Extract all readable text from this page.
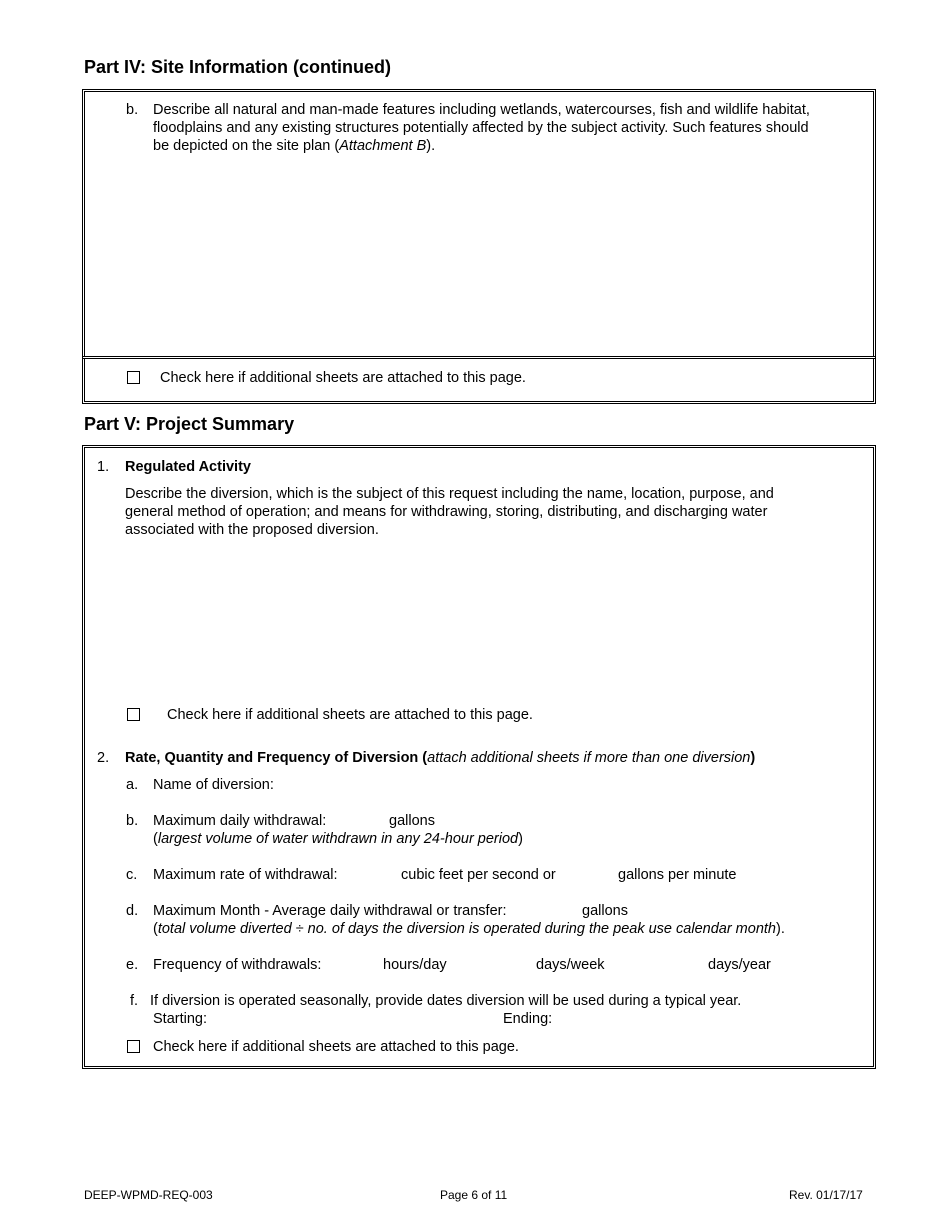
Part IV: Site Information (continued)
b. Describe all natural and man-made features including wetlands, watercourses, fish and wildlife habitat,
floodplains and any existing structures potentially affected by the subject activity. Such features should
be depicted on the site plan (Attachment B).
Check here if additional sheets are attached to this page.
Part V: Project Summary
1. Regulated Activity
Describe the diversion, which is the subject of this request including the name, location, purpose, and
general method of operation; and means for withdrawing, storing, distributing, and discharging water
associated with the proposed diversion.
Check here if additional sheets are attached to this page.
2. Rate, Quantity and Frequency of Diversion (attach additional sheets if more than one diversion)
a. Name of diversion:
b. Maximum daily withdrawal:	gallons
(largest volume of water withdrawn in any 24-hour period)
c. Maximum rate of withdrawal:	cubic feet per second or	gallons per minute
d. Maximum Month - Average daily withdrawal or transfer:	gallons
(total volume diverted ÷ no. of days the diversion is operated during the peak use calendar month).
e. Frequency of withdrawals:	hours/day	days/week	days/year
f. If diversion is operated seasonally, provide dates diversion will be used during a typical year.
Starting:	Ending:
Check here if additional sheets are attached to this page.
DEEP-WPMD-REQ-003	Page 6 of 11	Rev. 01/17/17
